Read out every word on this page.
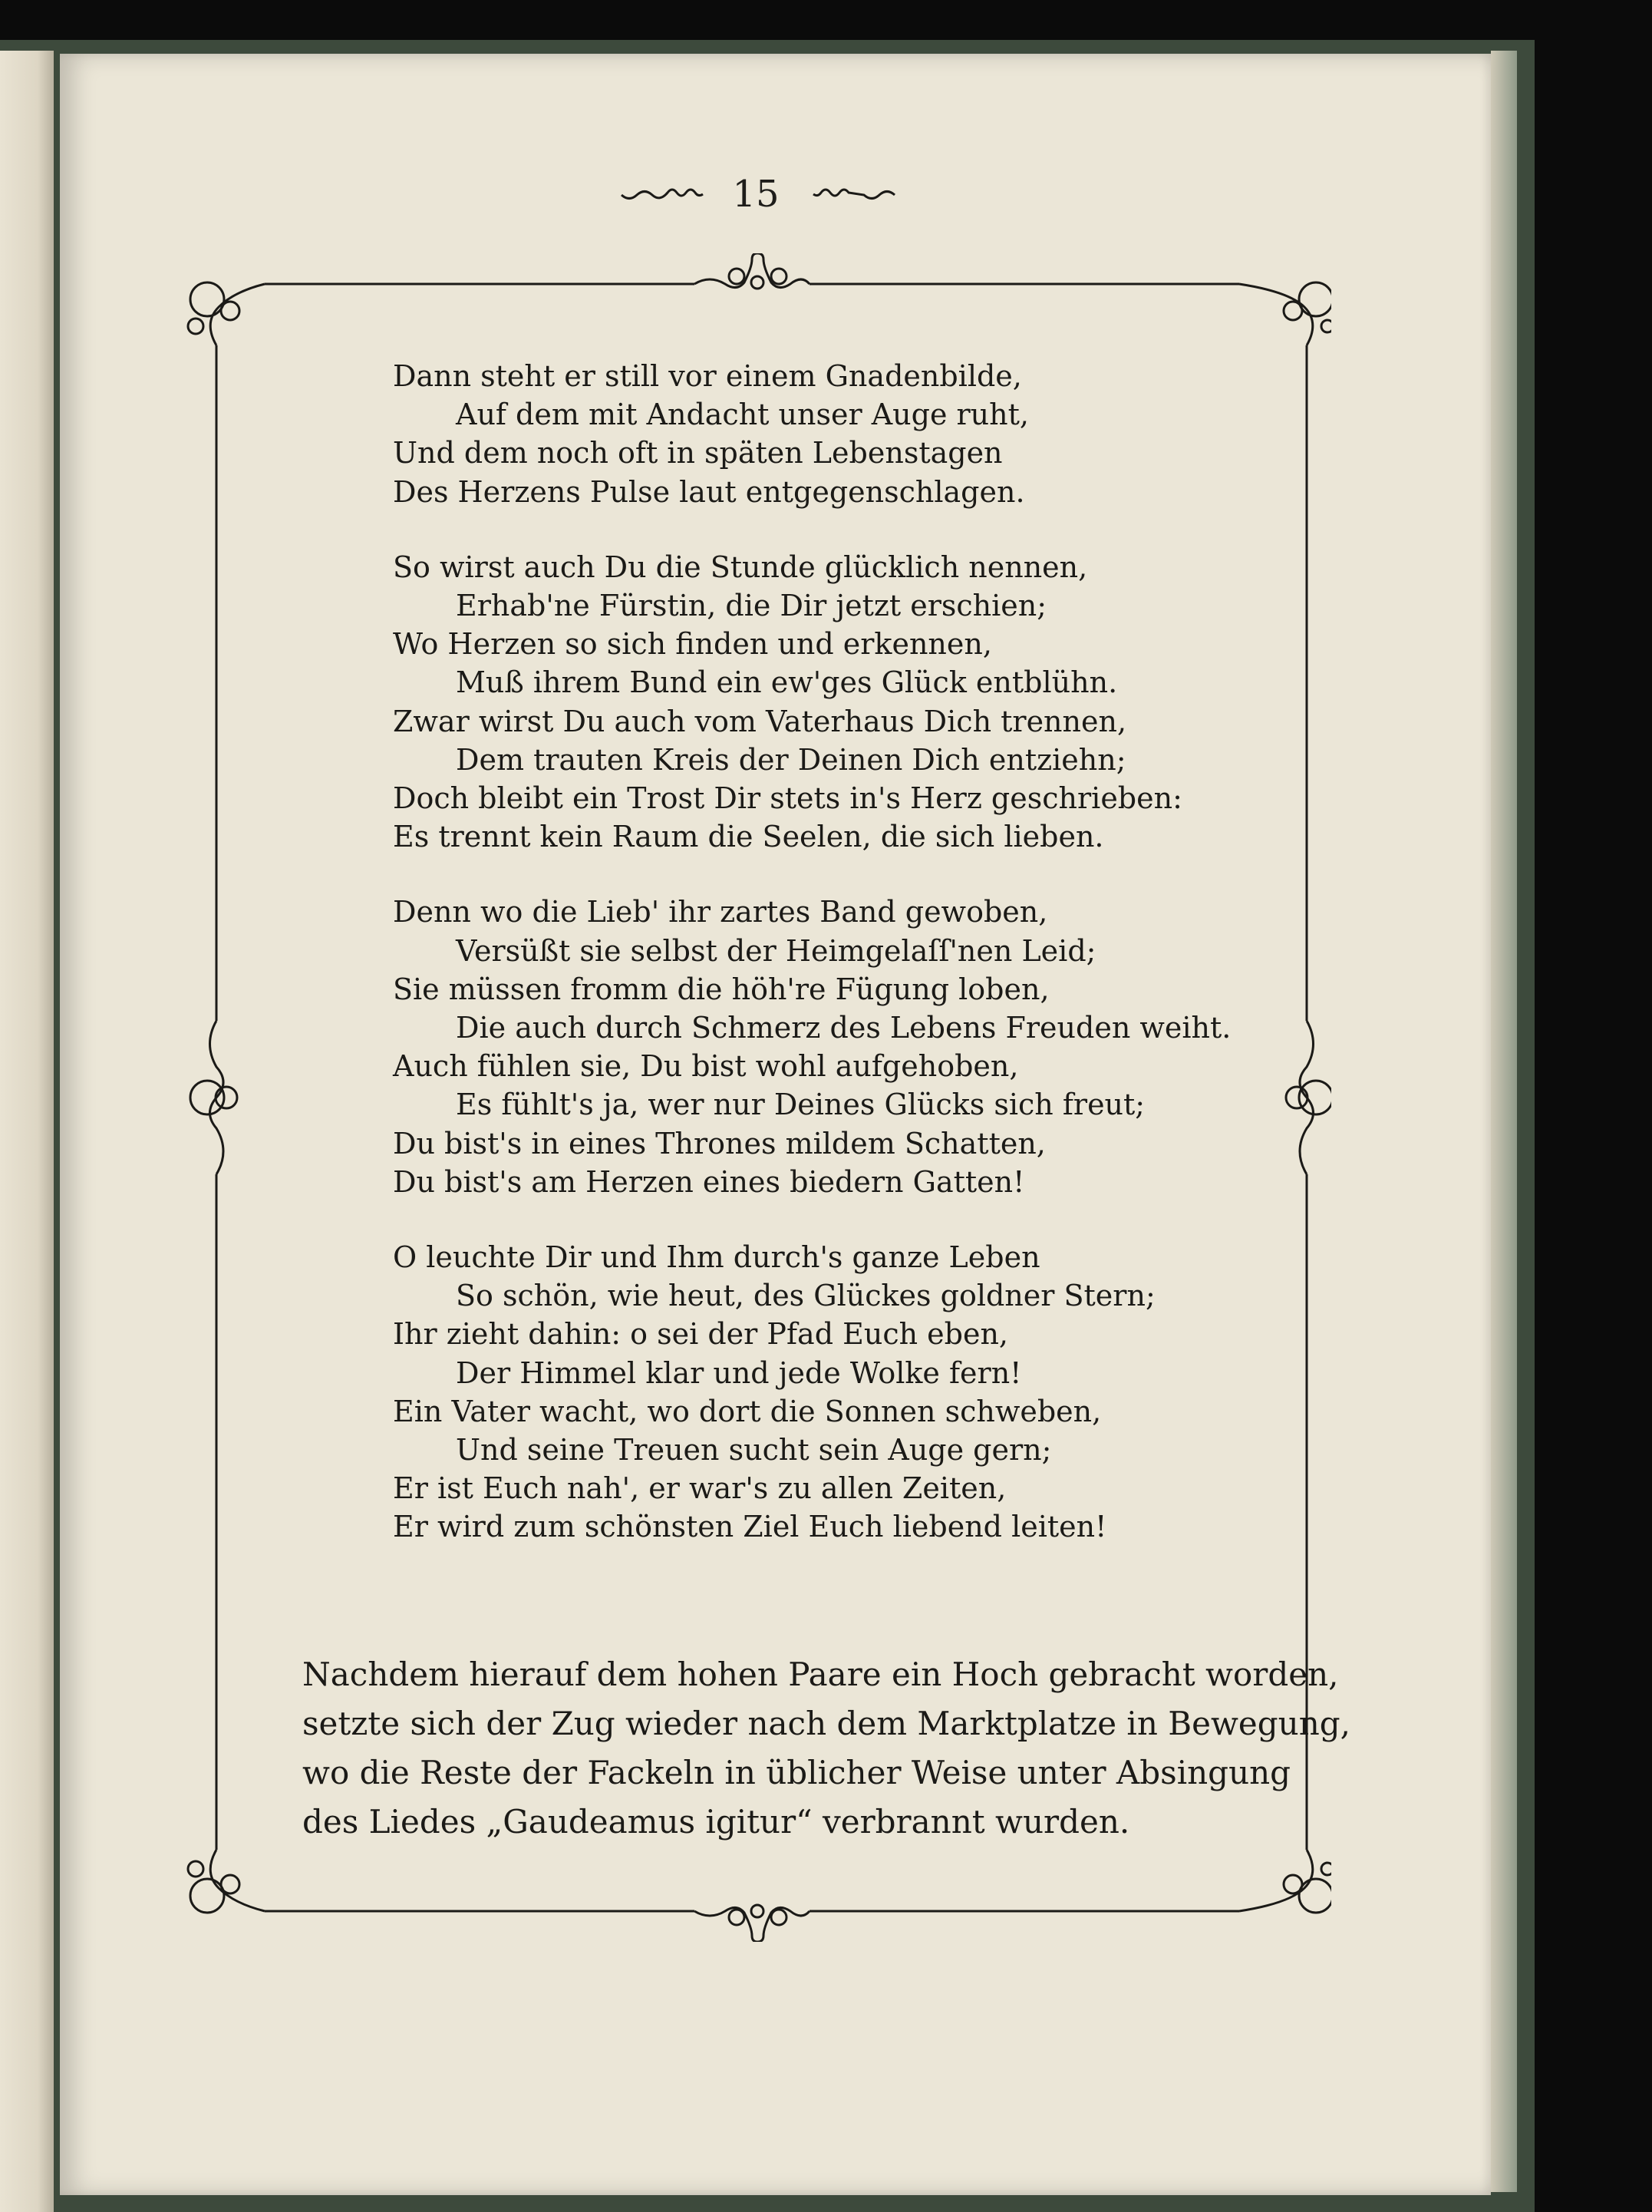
15
Dann steht er still vor einem Gnadenbilde,
Auf dem mit Andacht unser Auge ruht,
Und dem noch oft in späten Lebenstagen
Des Herzens Pulse laut entgegenschlagen.
So wirst auch Du die Stunde glücklich nennen,
Erhab'ne Fürstin, die Dir jetzt erschien;
Wo Herzen so sich finden und erkennen,
Muß ihrem Bund ein ew'ges Glück entblühn.
Zwar wirst Du auch vom Vaterhaus Dich trennen,
Dem trauten Kreis der Deinen Dich entziehn;
Doch bleibt ein Trost Dir stets in's Herz geschrieben:
Es trennt kein Raum die Seelen, die sich lieben.
Denn wo die Lieb' ihr zartes Band gewoben,
Versüßt sie selbst der Heimgelaſſ'nen Leid;
Sie müssen fromm die höh're Fügung loben,
Die auch durch Schmerz des Lebens Freuden weiht.
Auch fühlen sie, Du bist wohl aufgehoben,
Es fühlt's ja, wer nur Deines Glücks sich freut;
Du bist's in eines Thrones mildem Schatten,
Du bist's am Herzen eines biedern Gatten!
O leuchte Dir und Ihm durch's ganze Leben
So schön, wie heut, des Glückes goldner Stern;
Ihr zieht dahin: o sei der Pfad Euch eben,
Der Himmel klar und jede Wolke fern!
Ein Vater wacht, wo dort die Sonnen schweben,
Und seine Treuen sucht sein Auge gern;
Er ist Euch nah', er war's zu allen Zeiten,
Er wird zum schönsten Ziel Euch liebend leiten!
Nachdem hierauf dem hohen Paare ein Hoch gebracht worden,
setzte sich der Zug wieder nach dem Marktplatze in Bewegung,
wo die Reste der Fackeln in üblicher Weise unter Absingung
des Liedes „Gaudeamus igitur“ verbrannt wurden.
